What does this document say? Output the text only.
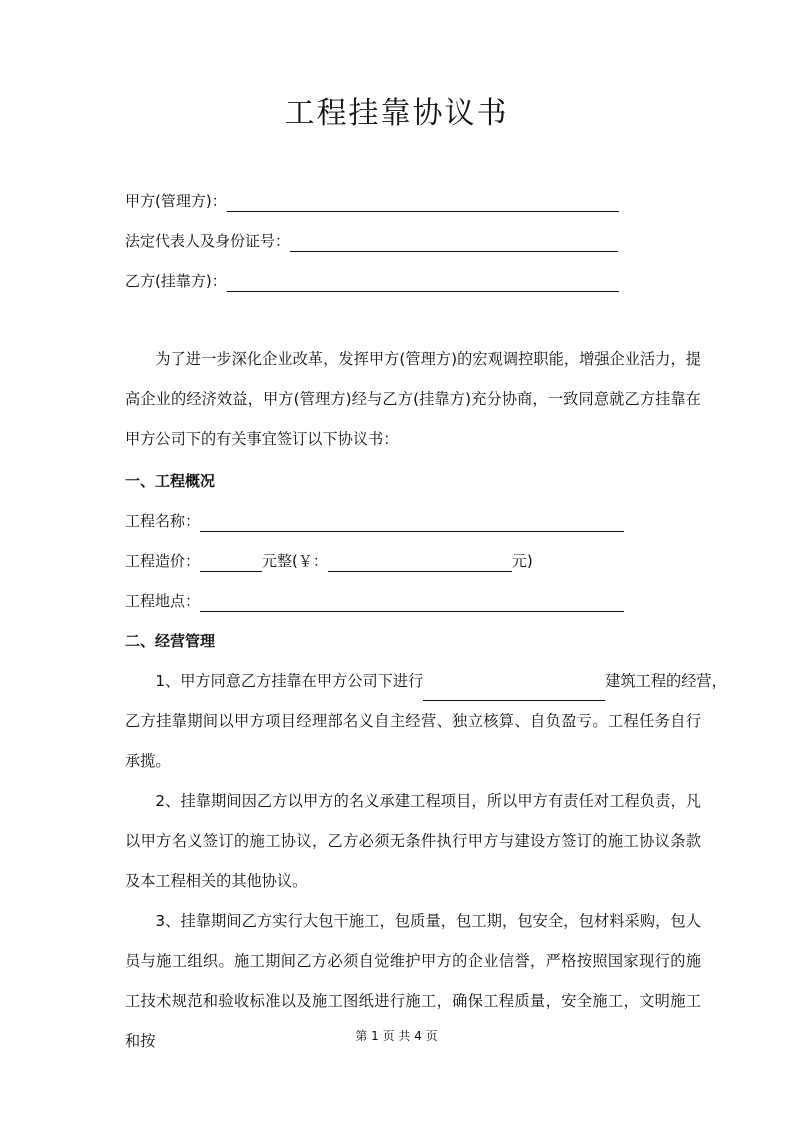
工程挂靠协议书
甲方(管理方)：
法定代表人及身份证号：
乙方(挂靠方)：
为了进一步深化企业改革，发挥甲方(管理方)的宏观调控职能，增强企业活力，提高企业的经济效益，甲方(管理方)经与乙方(挂靠方)充分协商，一致同意就乙方挂靠在甲方公司下的有关事宜签订以下协议书：
一、工程概况
工程名称：
工程造价：	元整(￥：	元)
工程地点：
二、经营管理
1、甲方同意乙方挂靠在甲方公司下进行	建筑工程的经营，
乙方挂靠期间以甲方项目经理部名义自主经营、独立核算、自负盈亏。工程任务自行承揽。
2、挂靠期间因乙方以甲方的名义承建工程项目，所以甲方有责任对工程负责，凡以甲方名义签订的施工协议，乙方必须无条件执行甲方与建设方签订的施工协议条款及本工程相关的其他协议。
3、挂靠期间乙方实行大包干施工，包质量，包工期，包安全，包材料采购，包人员与施工组织。施工期间乙方必须自觉维护甲方的企业信誉，严格按照国家现行的施工技术规范和验收标准以及施工图纸进行施工，确保工程质量，安全施工，文明施工和按	第 1 页 共 4 页
